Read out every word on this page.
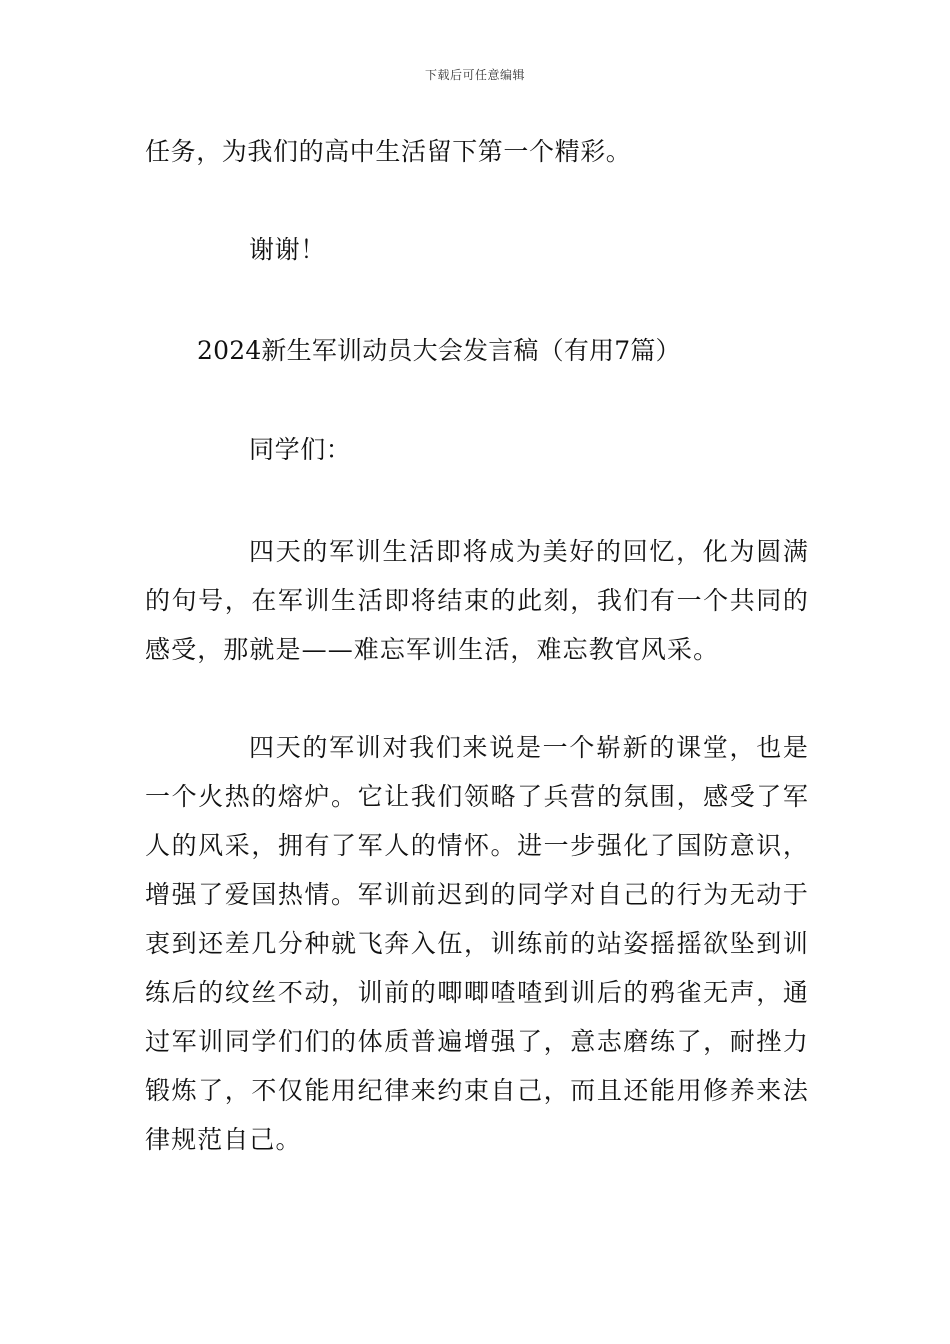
下载后可任意编辑
任务，为我们的高中生活留下第一个精彩。
谢谢！
2024新生军训动员大会发言稿（有用7篇）
同学们：

四天的军训生活即将成为美好的回忆，化为圆满的句号，在军训生活即将结束的此刻，我们有一个共同的感受，那就是——难忘军训生活，难忘教官风采。

四天的军训对我们来说是一个崭新的课堂，也是一个火热的熔炉。它让我们领略了兵营的氛围，感受了军人的风采，拥有了军人的情怀。进一步强化了国防意识，增强了爱国热情。军训前迟到的同学对自己的行为无动于衷到还差几分种就飞奔入伍，训练前的站姿摇摇欲坠到训练后的纹丝不动，训前的唧唧喳喳到训后的鸦雀无声，通过军训同学们们的体质普遍增强了，意志磨练了，耐挫力锻炼了，不仅能用纪律来约束自己，而且还能用修养来法律规范自己。
